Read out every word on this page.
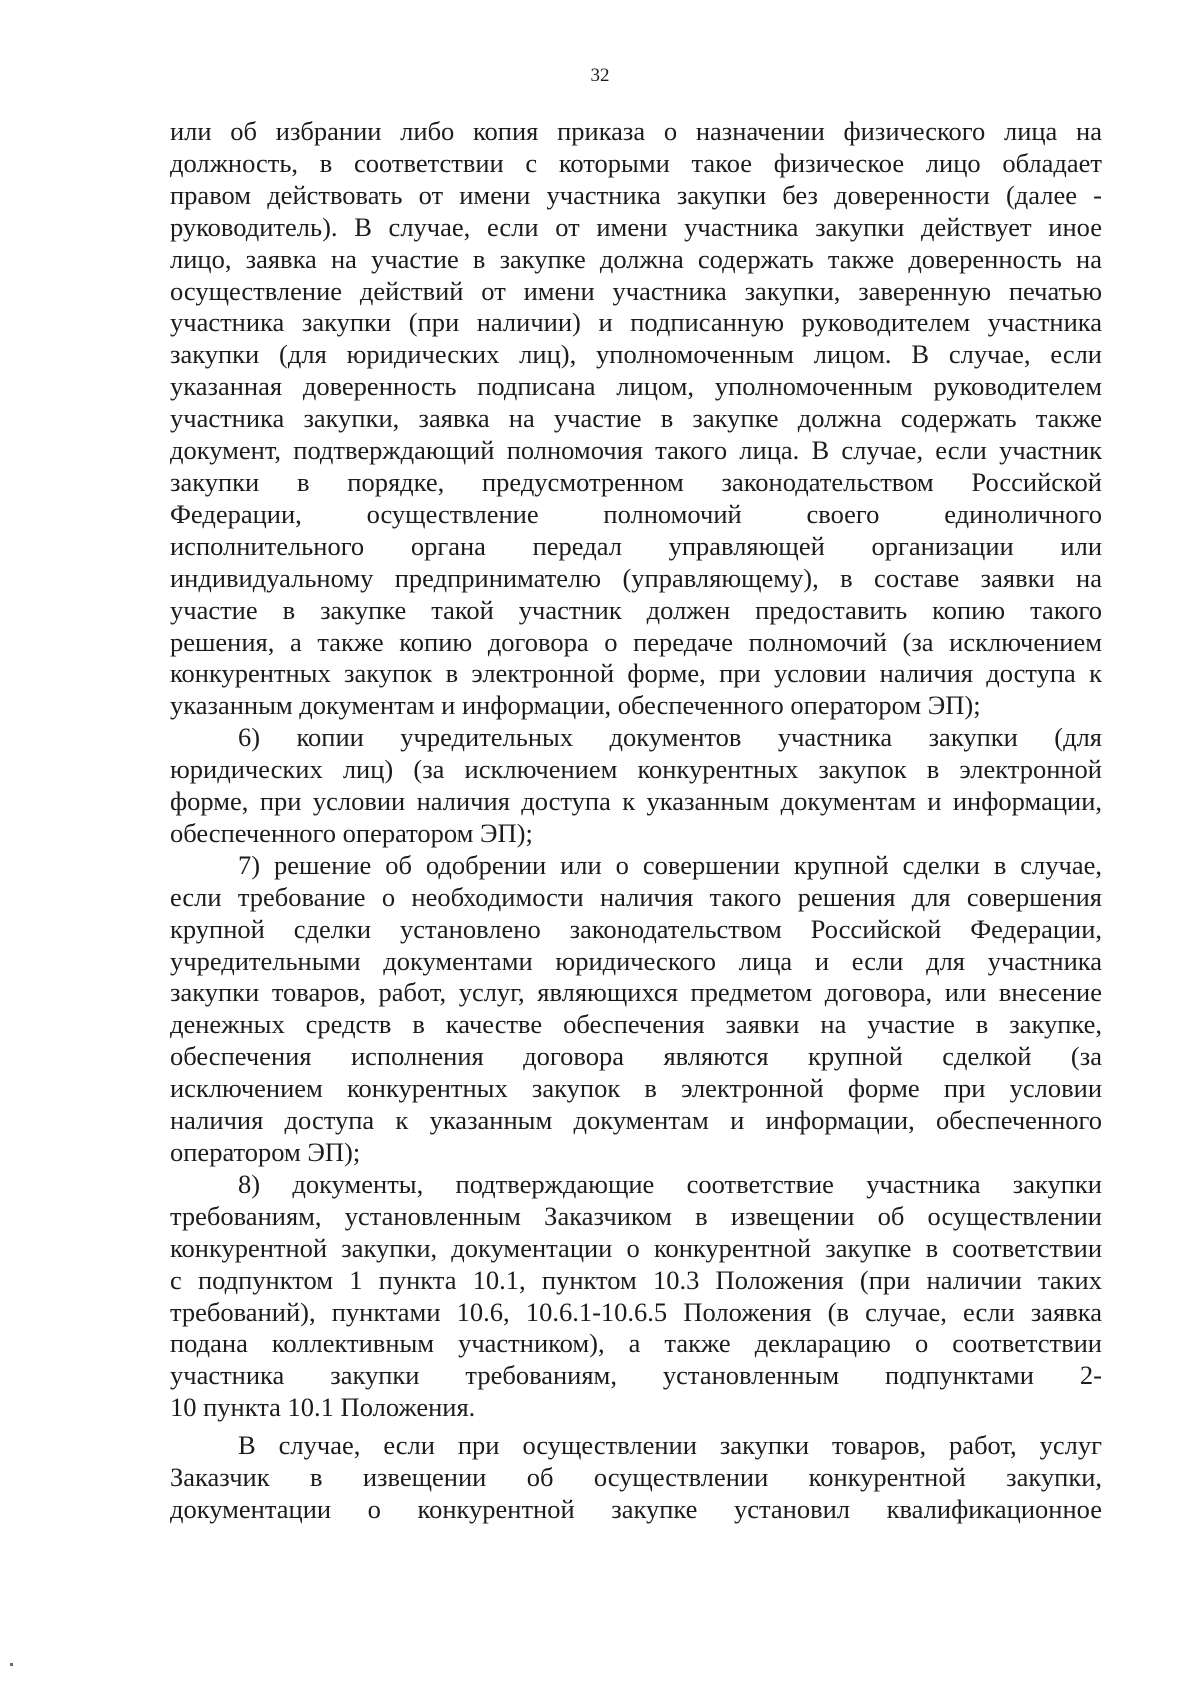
32
или об избрании либо копия приказа о назначении физического лица на
должность, в соответствии с которыми такое физическое лицо обладает
правом действовать от имени участника закупки без доверенности (далее -
руководитель). В случае, если от имени участника закупки действует иное
лицо, заявка на участие в закупке должна содержать также доверенность на
осуществление действий от имени участника закупки, заверенную печатью
участника закупки (при наличии) и подписанную руководителем участника
закупки (для юридических лиц), уполномоченным лицом. В случае, если
указанная доверенность подписана лицом, уполномоченным руководителем
участника закупки, заявка на участие в закупке должна содержать также
документ, подтверждающий полномочия такого лица. В случае, если участник
закупки в порядке, предусмотренном законодательством Российской
Федерации, осуществление полномочий своего единоличного
исполнительного органа передал управляющей организации или
индивидуальному предпринимателю (управляющему), в составе заявки на
участие в закупке такой участник должен предоставить копию такого
решения, а также копию договора о передаче полномочий (за исключением
конкурентных закупок в электронной форме, при условии наличия доступа к
указанным документам и информации, обеспеченного оператором ЭП);
6) копии учредительных документов участника закупки (для
юридических лиц) (за исключением конкурентных закупок в электронной
форме, при условии наличия доступа к указанным документам и информации,
обеспеченного оператором ЭП);
7) решение об одобрении или о совершении крупной сделки в случае,
если требование о необходимости наличия такого решения для совершения
крупной сделки установлено законодательством Российской Федерации,
учредительными документами юридического лица и если для участника
закупки товаров, работ, услуг, являющихся предметом договора, или внесение
денежных средств в качестве обеспечения заявки на участие в закупке,
обеспечения исполнения договора являются крупной сделкой (за
исключением конкурентных закупок в электронной форме при условии
наличия доступа к указанным документам и информации, обеспеченного
оператором ЭП);
8) документы, подтверждающие соответствие участника закупки
требованиям, установленным Заказчиком в извещении об осуществлении
конкурентной закупки, документации о конкурентной закупке в соответствии
с подпунктом 1 пункта 10.1, пунктом 10.3 Положения (при наличии таких
требований), пунктами 10.6, 10.6.1-10.6.5 Положения (в случае, если заявка
подана коллективным участником), а также декларацию о соответствии
участника закупки требованиям, установленным подпунктами 2-
10 пункта 10.1 Положения.
В случае, если при осуществлении закупки товаров, работ, услуг
Заказчик в извещении об осуществлении конкурентной закупки,
документации о конкурентной закупке установил квалификационное
